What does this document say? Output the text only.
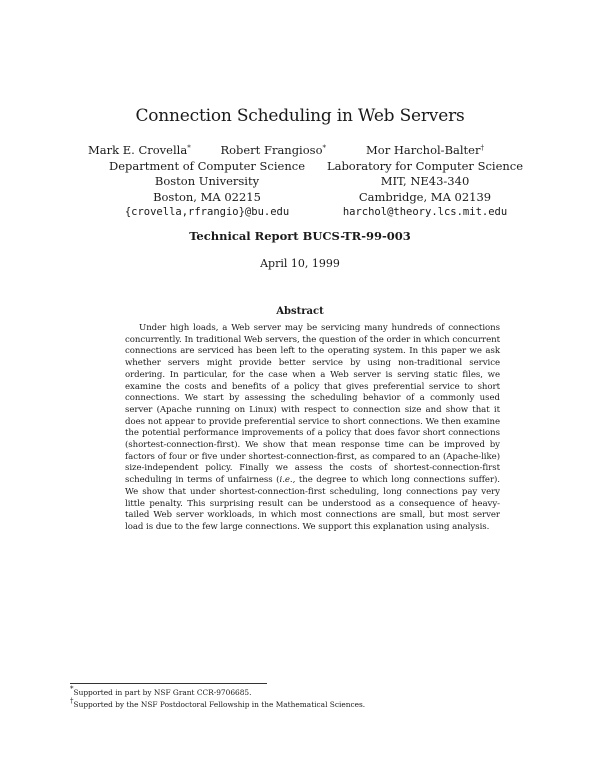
Connection Scheduling in Web Servers
Mark E. Crovella*	Robert Frangioso*
Department of Computer Science
Boston University
Boston, MA 02215
{crovella,rfrangio}@bu.edu
Mor Harchol-Balter†
Laboratory for Computer Science
MIT, NE43-340
Cambridge, MA 02139
harchol@theory.lcs.mit.edu
Technical Report BUCS-TR-99-003
April 10, 1999
Abstract

Under high loads, a Web server may be servicing many hundreds of connections concurrently. In traditional Web servers, the question of the order in which concurrent connections are serviced has been left to the operating system. In this paper we ask whether servers might provide better service by using non-traditional service ordering. In particular, for the case when a Web server is serving static files, we examine the costs and benefits of a policy that gives preferential service to short connections. We start by assessing the scheduling behavior of a commonly used server (Apache running on Linux) with respect to connection size and show that it does not appear to provide preferential service to short connections. We then examine the potential performance improvements of a policy that does favor short connections (shortest-connection-first). We show that mean response time can be improved by factors of four or five under shortest-connection-first, as compared to an (Apache-like) size-independent policy. Finally we assess the costs of shortest-connection-first scheduling in terms of unfairness (i.e., the degree to which long connections suffer). We show that under shortest-connection-first scheduling, long connections pay very little penalty. This surprising result can be understood as a consequence of heavy-tailed Web server workloads, in which most connections are small, but most server load is due to the few large connections. We support this explanation using analysis.

*Supported in part by NSF Grant CCR-9706685.
†Supported by the NSF Postdoctoral Fellowship in the Mathematical Sciences.
